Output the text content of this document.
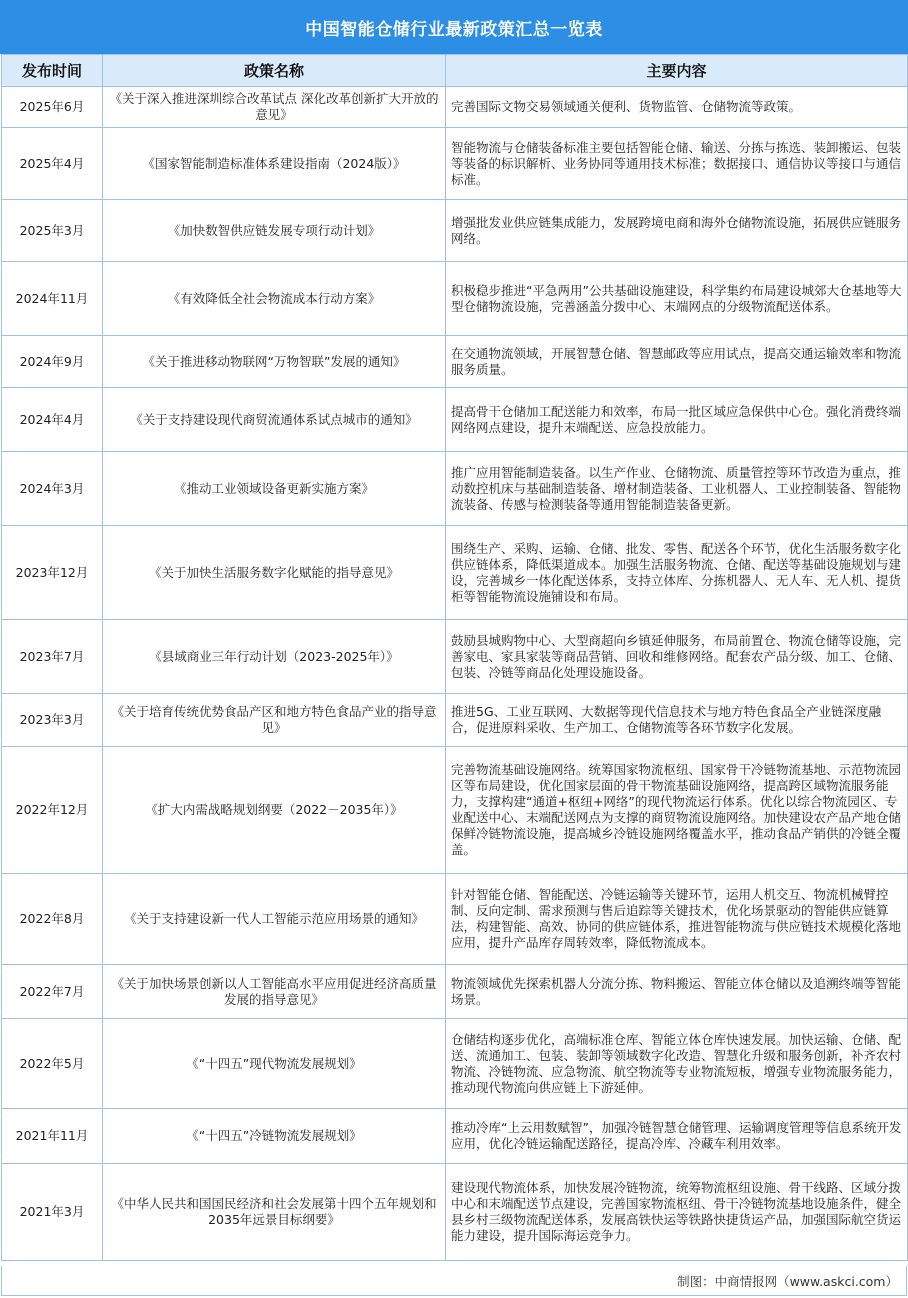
中国智能仓储行业最新政策汇总一览表
发布时间	政策名称	主要内容
2025年6月	《关于深入推进深圳综合改革试点 深化改革创新扩大开放的意见》	完善国际文物交易领域通关便利、货物监管、仓储物流等政策。
2025年4月	《国家智能制造标准体系建设指南（2024版）》	智能物流与仓储装备标准主要包括智能仓储、输送、分拣与拣选、装卸搬运、包装等装备的标识解析、业务协同等通用技术标准；数据接口、通信协议等接口与通信标准。
2025年3月	《加快数智供应链发展专项行动计划》	增强批发业供应链集成能力，发展跨境电商和海外仓储物流设施，拓展供应链服务网络。
2024年11月	《有效降低全社会物流成本行动方案》	积极稳步推进“平急两用”公共基础设施建设，科学集约布局建设城郊大仓基地等大型仓储物流设施，完善涵盖分拨中心、末端网点的分级物流配送体系。
2024年9月	《关于推进移动物联网“万物智联”发展的通知》	在交通物流领域，开展智慧仓储、智慧邮政等应用试点，提高交通运输效率和物流服务质量。
2024年4月	《关于支持建设现代商贸流通体系试点城市的通知》	提高骨干仓储加工配送能力和效率，布局一批区域应急保供中心仓。强化消费终端网络网点建设，提升末端配送、应急投放能力。
2024年3月	《推动工业领域设备更新实施方案》	推广应用智能制造装备。以生产作业、仓储物流、质量管控等环节改造为重点，推动数控机床与基础制造装备、增材制造装备、工业机器人、工业控制装备、智能物流装备、传感与检测装备等通用智能制造装备更新。
2023年12月	《关于加快生活服务数字化赋能的指导意见》	围绕生产、采购、运输、仓储、批发、零售、配送各个环节，优化生活服务数字化供应链体系，降低渠道成本。加强生活服务物流、仓储、配送等基础设施规划与建设，完善城乡一体化配送体系，支持立体库、分拣机器人、无人车、无人机、提货柜等智能物流设施铺设和布局。
2023年7月	《县域商业三年行动计划（2023-2025年）》	鼓励县城购物中心、大型商超向乡镇延伸服务，布局前置仓、物流仓储等设施，完善家电、家具家装等商品营销、回收和维修网络。配套农产品分级、加工、仓储、包装、冷链等商品化处理设施设备。
2023年3月	《关于培育传统优势食品产区和地方特色食品产业的指导意见》	推进5G、工业互联网、大数据等现代信息技术与地方特色食品全产业链深度融合，促进原料采收、生产加工、仓储物流等各环节数字化发展。
2022年12月	《扩大内需战略规划纲要（2022－2035年）》	完善物流基础设施网络。统筹国家物流枢纽、国家骨干冷链物流基地、示范物流园区等布局建设，优化国家层面的骨干物流基础设施网络，提高跨区域物流服务能力，支撑构建“通道+枢纽+网络”的现代物流运行体系。优化以综合物流园区、专业配送中心、末端配送网点为支撑的商贸物流设施网络。加快建设农产品产地仓储保鲜冷链物流设施，提高城乡冷链设施网络覆盖水平，推动食品产销供的冷链全覆盖。
2022年8月	《关于支持建设新一代人工智能示范应用场景的通知》	针对智能仓储、智能配送、冷链运输等关键环节，运用人机交互、物流机械臂控制、反向定制、需求预测与售后追踪等关键技术，优化场景驱动的智能供应链算法，构建智能、高效、协同的供应链体系，推进智能物流与供应链技术规模化落地应用，提升产品库存周转效率，降低物流成本。
2022年7月	《关于加快场景创新以人工智能高水平应用促进经济高质量发展的指导意见》	物流领域优先探索机器人分流分拣、物料搬运、智能立体仓储以及追溯终端等智能场景。
2022年5月	《“十四五”现代物流发展规划》	仓储结构逐步优化，高端标准仓库、智能立体仓库快速发展。加快运输、仓储、配送、流通加工、包装、装卸等领域数字化改造、智慧化升级和服务创新，补齐农村物流、冷链物流、应急物流、航空物流等专业物流短板，增强专业物流服务能力，推动现代物流向供应链上下游延伸。
2021年11月	《“十四五”冷链物流发展规划》	推动冷库“上云用数赋智”，加强冷链智慧仓储管理、运输调度管理等信息系统开发应用，优化冷链运输配送路径，提高冷库、冷藏车利用效率。
2021年3月	《中华人民共和国国民经济和社会发展第十四个五年规划和2035年远景目标纲要》	建设现代物流体系，加快发展冷链物流，统筹物流枢纽设施、骨干线路、区域分拨中心和末端配送节点建设，完善国家物流枢纽、骨干冷链物流基地设施条件，健全县乡村三级物流配送体系，发展高铁快运等铁路快捷货运产品，加强国际航空货运能力建设，提升国际海运竞争力。
制图：中商情报网（www.askci.com）
